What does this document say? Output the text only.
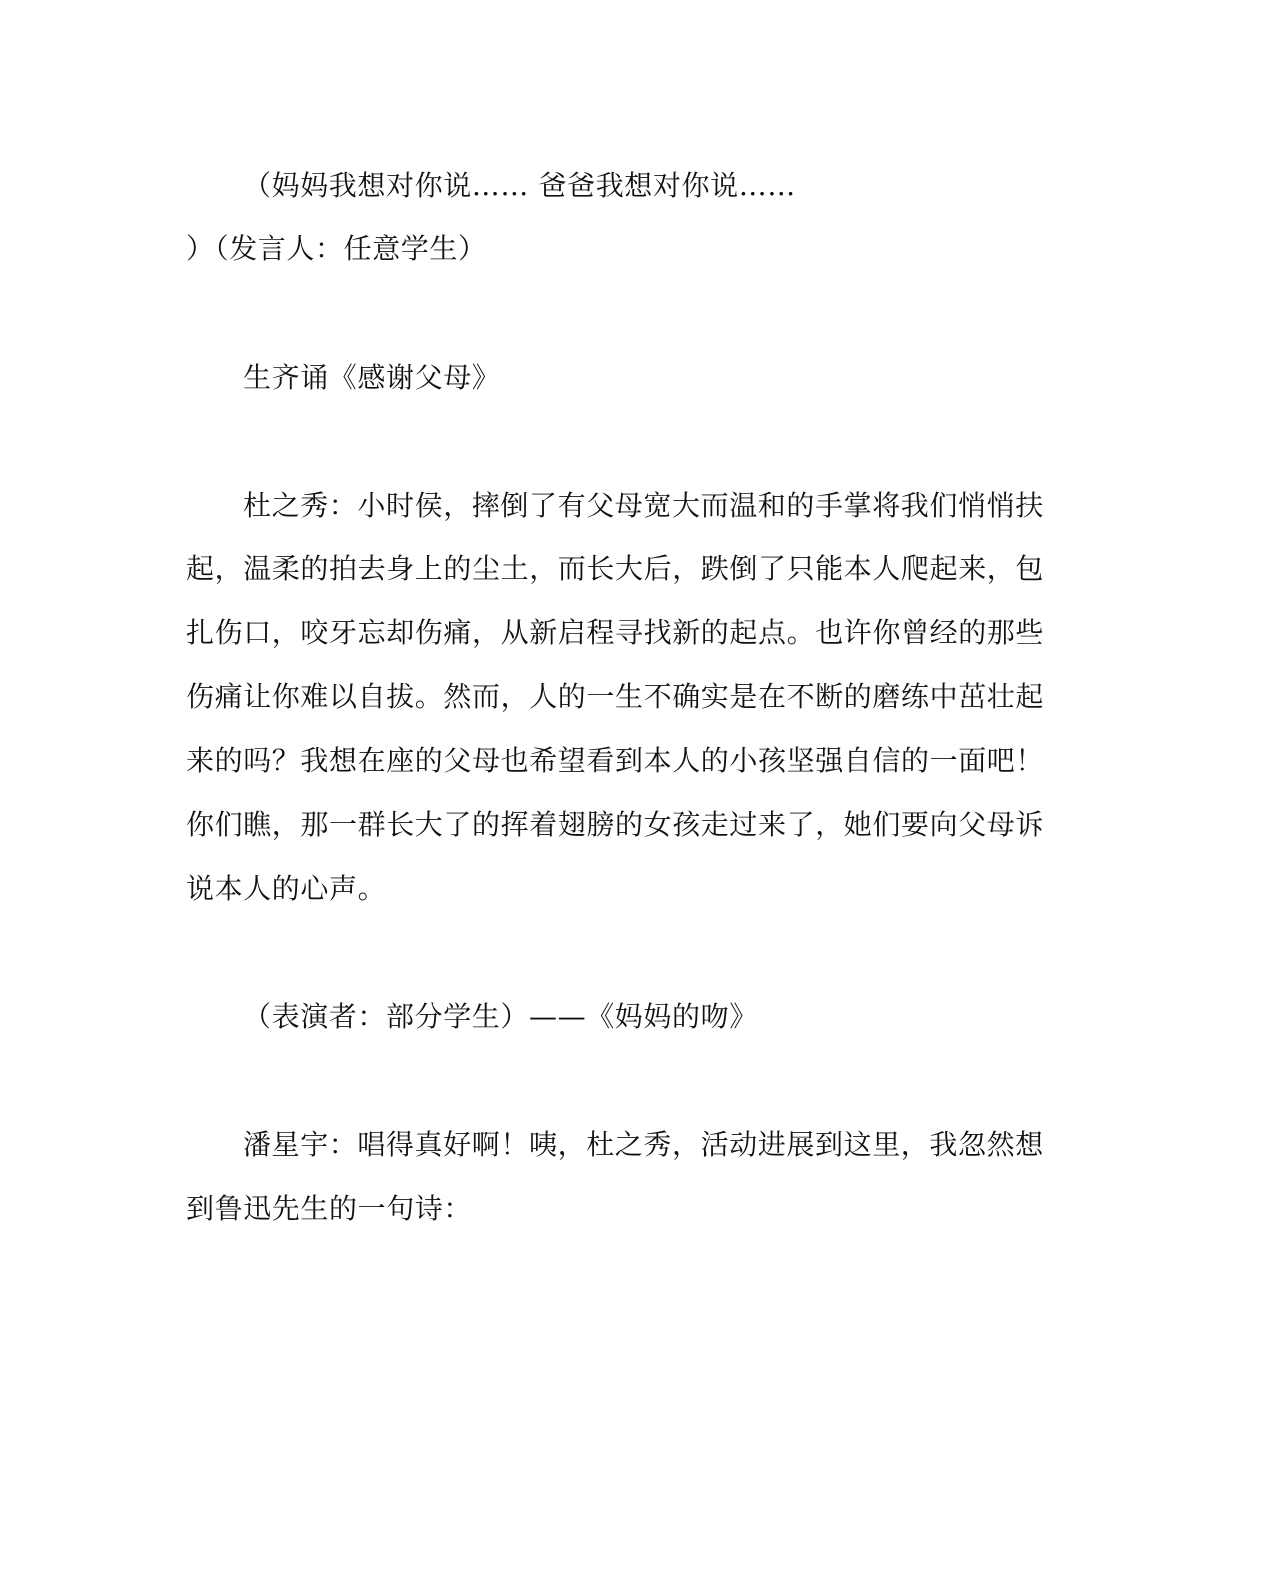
（妈妈我想对你说…… 爸爸我想对你说……
）（发言人：任意学生）
生齐诵《感谢父母》
杜之秀：小时侯，摔倒了有父母宽大而温和的手掌将我们悄悄扶
起，温柔的拍去身上的尘土，而长大后，跌倒了只能本人爬起来，包
扎伤口，咬牙忘却伤痛，从新启程寻找新的起点。也许你曾经的那些
伤痛让你难以自拔。然而，人的一生不确实是在不断的磨练中茁壮起
来的吗？我想在座的父母也希望看到本人的小孩坚强自信的一面吧！
你们瞧，那一群长大了的挥着翅膀的女孩走过来了，她们要向父母诉
说本人的心声。
（表演者：部分学生）——《妈妈的吻》
潘星宇：唱得真好啊！咦，杜之秀，活动进展到这里，我忽然想
到鲁迅先生的一句诗：
